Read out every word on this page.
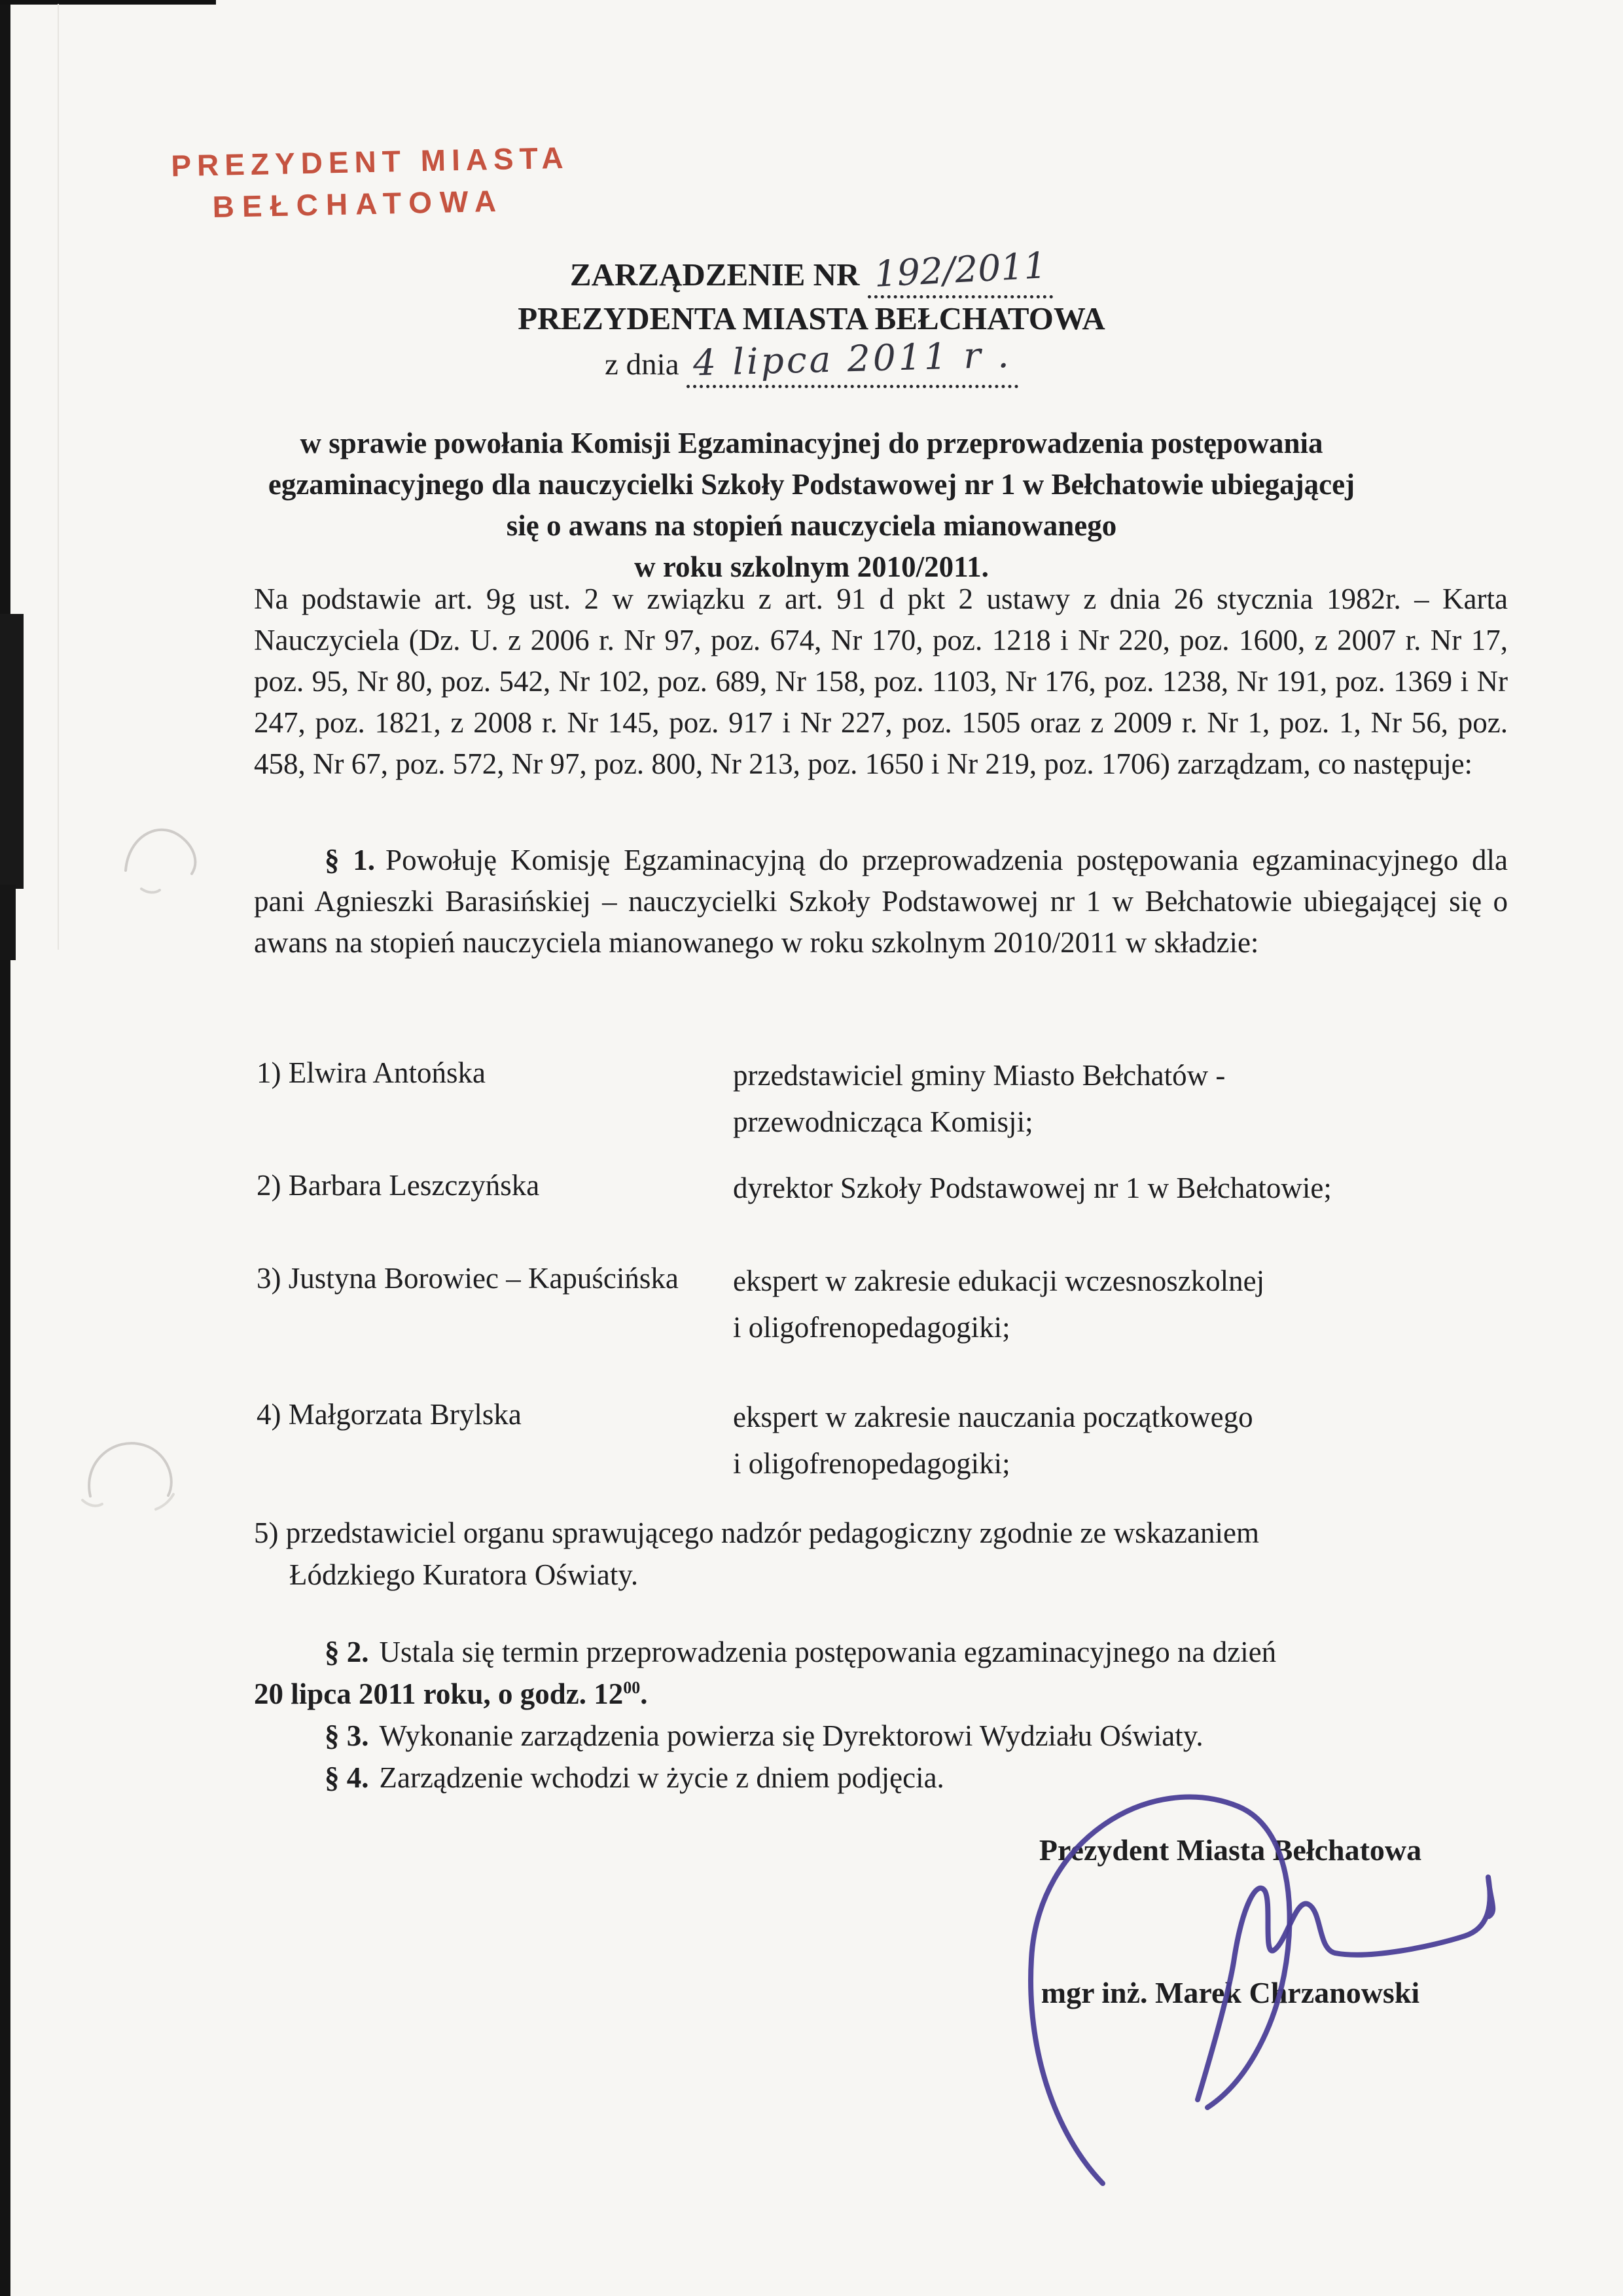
PREZYDENT MIASTA
BEŁCHATOWA
ZARZĄDZENIE NR 192/2011
PREZYDENTA MIASTA BEŁCHATOWA
z dnia 4 lipca 2011 r .
w sprawie powołania Komisji Egzaminacyjnej do przeprowadzenia postępowania
egzaminacyjnego dla nauczycielki Szkoły Podstawowej nr 1 w Bełchatowie ubiegającej
się o awans na stopień nauczyciela mianowanego
w roku szkolnym 2010/2011.
Na podstawie art. 9g ust. 2 w związku z art. 91 d pkt 2 ustawy z dnia 26 stycznia 1982r. – Karta Nauczyciela (Dz. U. z 2006 r. Nr 97, poz. 674, Nr 170, poz. 1218 i Nr 220, poz. 1600, z 2007 r. Nr 17, poz. 95, Nr 80, poz. 542, Nr 102, poz. 689, Nr 158, poz. 1103, Nr 176, poz. 1238, Nr 191, poz. 1369 i Nr 247, poz. 1821, z 2008 r. Nr 145, poz. 917 i Nr 227, poz. 1505 oraz z 2009 r. Nr 1, poz. 1, Nr 56, poz. 458, Nr 67, poz. 572, Nr 97, poz. 800, Nr 213, poz. 1650 i Nr 219, poz. 1706) zarządzam, co następuje:
§ 1. Powołuję Komisję Egzaminacyjną do przeprowadzenia postępowania egzaminacyjnego dla pani Agnieszki Barasińskiej – nauczycielki Szkoły Podstawowej nr 1 w Bełchatowie ubiegającej się o awans na stopień nauczyciela mianowanego w roku szkolnym 2010/2011 w składzie:
1) Elwira Antońska	przedstawiciel gminy Miasto Bełchatów -
przewodnicząca Komisji;
2) Barbara Leszczyńska	dyrektor Szkoły Podstawowej nr 1 w Bełchatowie;
3) Justyna Borowiec – Kapuścińska	ekspert w zakresie edukacji wczesnoszkolnej
i oligofrenopedagogiki;
4) Małgorzata Brylska	ekspert w zakresie nauczania początkowego
i oligofrenopedagogiki;
5) przedstawiciel organu sprawującego nadzór pedagogiczny zgodnie ze wskazaniem
Łódzkiego Kuratora Oświaty.
§ 2. Ustala się termin przeprowadzenia postępowania egzaminacyjnego na dzień
20 lipca 2011 roku, o godz. $12^{00}$.
§ 3. Wykonanie zarządzenia powierza się Dyrektorowi Wydziału Oświaty.
§ 4. Zarządzenie wchodzi w życie z dniem podjęcia.
Prezydent Miasta Bełchatowa
mgr inż. Marek Chrzanowski
